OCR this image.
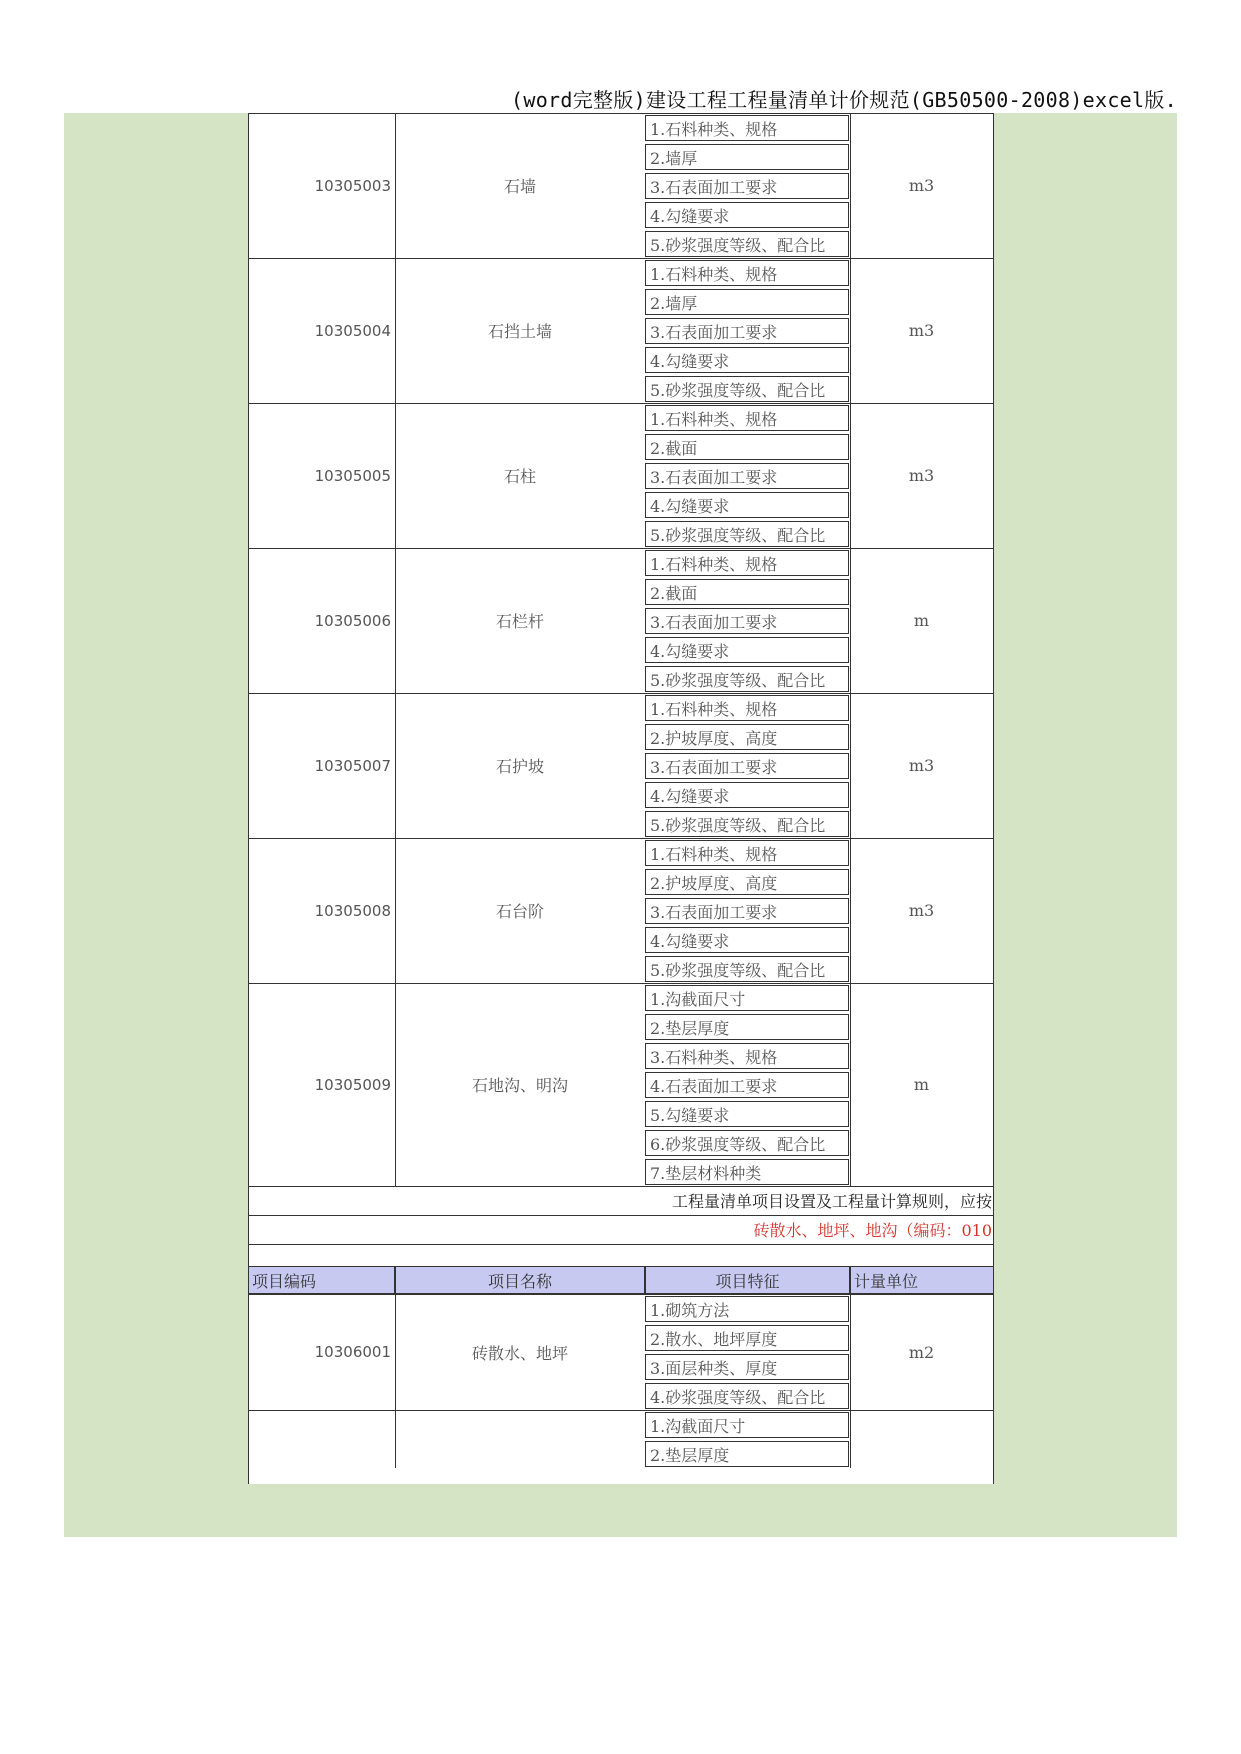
(word完整版)建设工程工程量清单计价规范(GB50500-2008)excel版.
10305003	石墙
1.石料种类、规格
2.墙厚
3.石表面加工要求
4.勾缝要求
5.砂浆强度等级、配合比
m3
10305004	石挡土墙
1.石料种类、规格
2.墙厚
3.石表面加工要求
4.勾缝要求
5.砂浆强度等级、配合比
m3
10305005	石柱
1.石料种类、规格
2.截面
3.石表面加工要求
4.勾缝要求
5.砂浆强度等级、配合比
m3
10305006	石栏杆
1.石料种类、规格
2.截面
3.石表面加工要求
4.勾缝要求
5.砂浆强度等级、配合比
m
10305007	石护坡
1.石料种类、规格
2.护坡厚度、高度
3.石表面加工要求
4.勾缝要求
5.砂浆强度等级、配合比
m3
10305008	石台阶
1.石料种类、规格
2.护坡厚度、高度
3.石表面加工要求
4.勾缝要求
5.砂浆强度等级、配合比
m3
10305009	石地沟、明沟
1.沟截面尺寸
2.垫层厚度
3.石料种类、规格
4.石表面加工要求
5.勾缝要求
6.砂浆强度等级、配合比
7.垫层材料种类
m
工程量清单项目设置及工程量计算规则，应按
砖散水、地坪、地沟（编码：010
项目编码	项目名称	项目特征	计量单位
10306001	砖散水、地坪
1.砌筑方法
2.散水、地坪厚度
3.面层种类、厚度
4.砂浆强度等级、配合比
m2
1.沟截面尺寸
2.垫层厚度
